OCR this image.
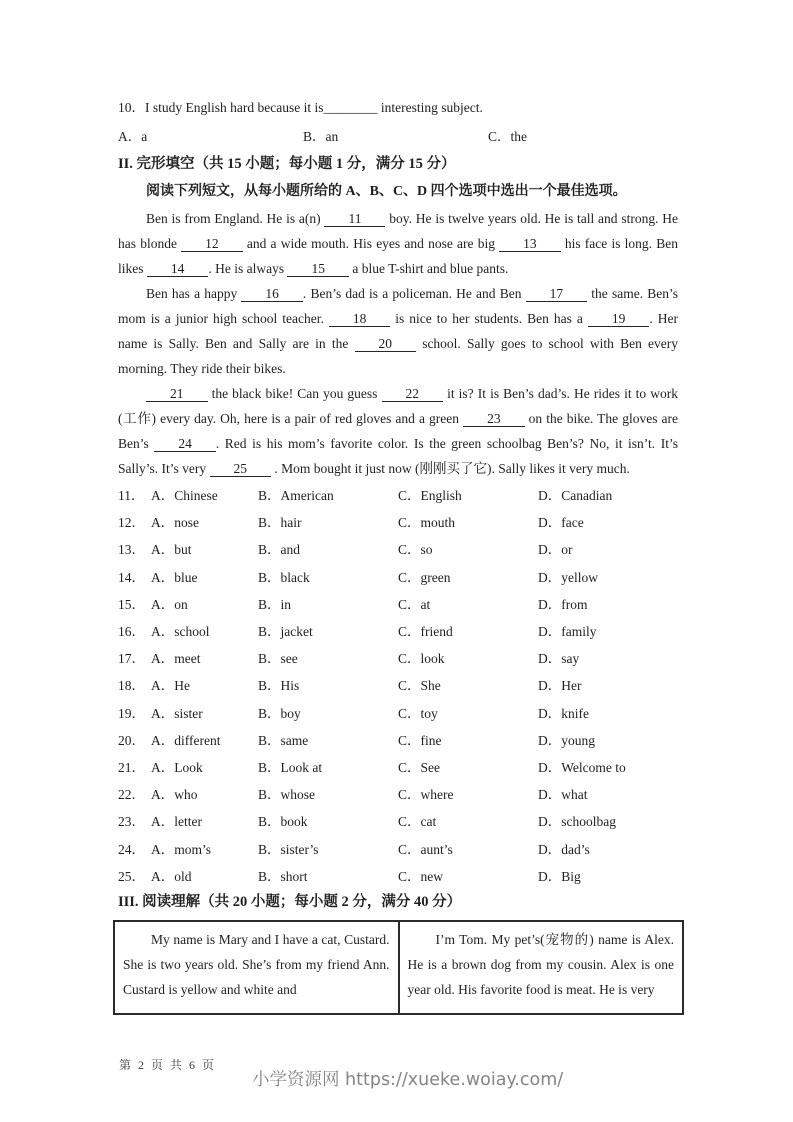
10．I study English hard because it is________ interesting subject.
A．a	B．an	C．the
II. 完形填空（共 15 小题；每小题 1 分，满分 15 分）

阅读下列短文，从每小题所给的 A、B、C、D 四个选项中选出一个最佳选项。

Ben is from England. He is a(n) 11 boy. He is twelve years old. He is tall and strong. He has blonde 12 and a wide mouth. His eyes and nose are big 13 his face is long. Ben likes 14 . He is always 15 a blue T-shirt and blue pants.

Ben has a happy 16 . Ben’s dad is a policeman. He and Ben 17 the same. Ben’s mom is a junior high school teacher. 18 is nice to her students. Ben has a 19 . Her name is Sally. Ben and Sally are in the 20 school. Sally goes to school with Ben every morning. They ride their bikes.

21 the black bike! Can you guess 22 it is? It is Ben’s dad’s. He rides it to work (工作) every day. Oh, here is a pair of red gloves and a green 23 on the bike. The gloves are Ben’s 24 . Red is his mom’s favorite color. Is the green schoolbag Ben’s? No, it isn’t. It’s Sally’s. It’s very 25 . Mom bought it just now (刚刚买了它). Sally likes it very much.

11． A．Chinese	B．American	C．English	D．Canadian
12． A．nose	B．hair	C．mouth	D．face
13． A．but	B．and	C．so	D．or
14． A．blue	B．black	C．green	D．yellow
15． A．on	B．in	C．at	D．from
16． A．school	B．jacket	C．friend	D．family
17． A．meet	B．see	C．look	D．say
18． A．He	B．His	C．She	D．Her
19． A．sister	B．boy	C．toy	D．knife
20． A．different	B．same	C．fine	D．young
21． A．Look	B．Look at	C．See	D．Welcome to
22． A．who	B．whose	C．where	D．what
23． A．letter	B．book	C．cat	D．schoolbag
24． A．mom’s	B．sister’s	C．aunt’s	D．dad’s
25． A．old	B．short	C．new	D．Big
III. 阅读理解（共 20 小题；每小题 2 分，满分 40 分）
My name is Mary and I have a cat, Custard. She is two years old. She’s from my friend Ann. Custard is yellow and white and	I’m Tom. My pet’s(宠物的) name is Alex. He is a brown dog from my cousin. Alex is one year old. His favorite food is meat. He is very
第 2 页 共 6 页
小学资源网 https://xueke.woiay.com/
